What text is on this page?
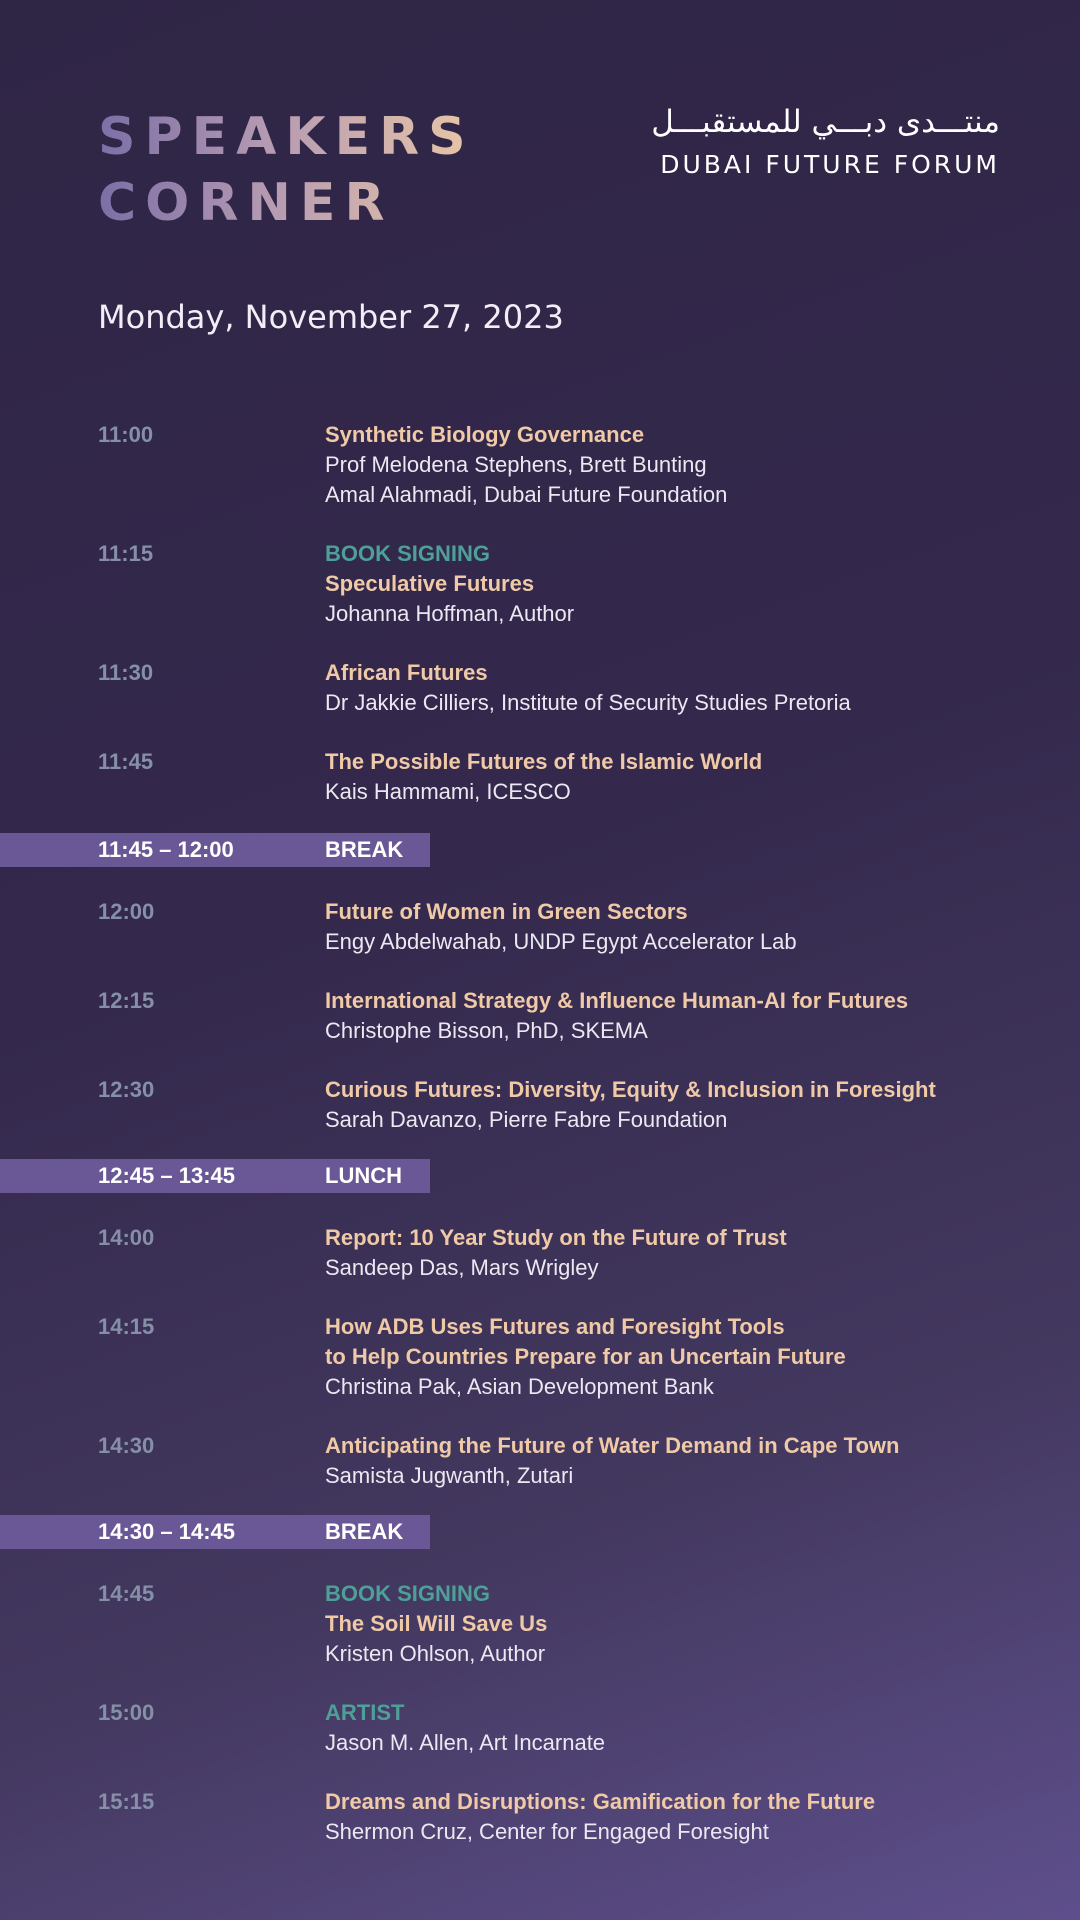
SPEAKERS
CORNER
منتـــدى دبـــي للمستقبـــل
DUBAI FUTURE FORUM
Monday, November 27, 2023
11:00	Synthetic Biology Governance
Prof Melodena Stephens, Brett Bunting
Amal Alahmadi, Dubai Future Foundation
11:15	BOOK SIGNING
Speculative Futures
Johanna Hoffman, Author
11:30	African Futures
Dr Jakkie Cilliers, Institute of Security Studies Pretoria
11:45	The Possible Futures of the Islamic World
Kais Hammami, ICESCO
11:45 – 12:00	BREAK
12:00	Future of Women in Green Sectors
Engy Abdelwahab, UNDP Egypt Accelerator Lab
12:15	International Strategy & Influence Human-AI for Futures
Christophe Bisson, PhD, SKEMA
12:30	Curious Futures: Diversity, Equity & Inclusion in Foresight
Sarah Davanzo, Pierre Fabre Foundation
12:45 – 13:45	LUNCH
14:00	Report: 10 Year Study on the Future of Trust
Sandeep Das, Mars Wrigley
14:15	How ADB Uses Futures and Foresight Tools
to Help Countries Prepare for an Uncertain Future
Christina Pak, Asian Development Bank
14:30	Anticipating the Future of Water Demand in Cape Town
Samista Jugwanth, Zutari
14:30 – 14:45	BREAK
14:45	BOOK SIGNING
The Soil Will Save Us
Kristen Ohlson, Author
15:00	ARTIST
Jason M. Allen, Art Incarnate
15:15	Dreams and Disruptions: Gamification for the Future
Shermon Cruz, Center for Engaged Foresight
